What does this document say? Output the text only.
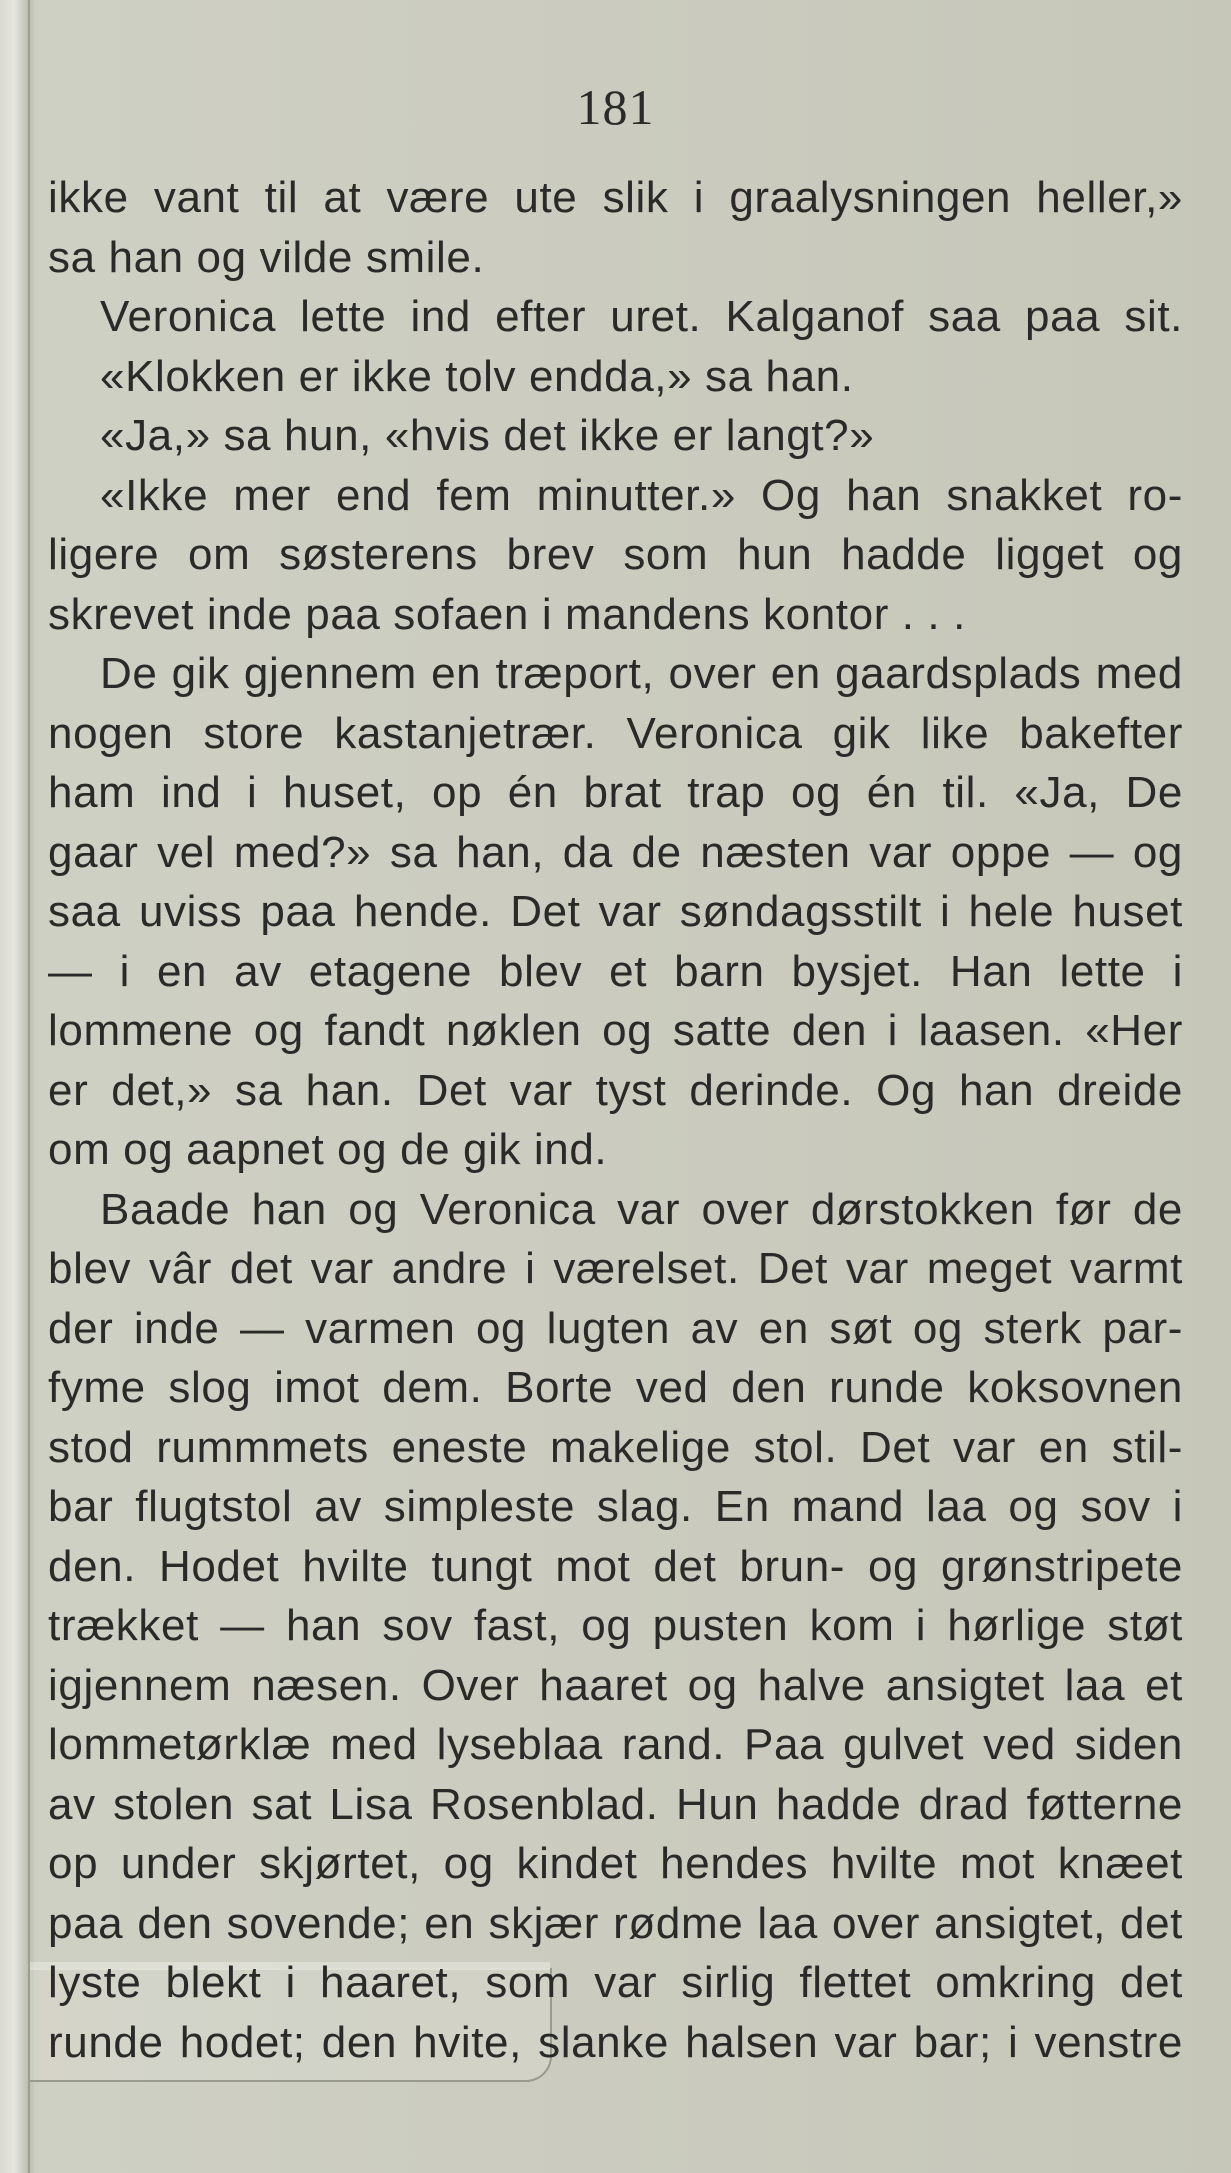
181
ikke vant til at være ute slik i graalysningen heller,»
sa han og vilde smile.
Veronica lette ind efter uret. Kalganof saa paa sit.
«Klokken er ikke tolv endda,» sa han.
«Ja,» sa hun, «hvis det ikke er langt?»
«Ikke mer end fem minutter.» Og han snakket ro-
ligere om søsterens brev som hun hadde ligget og
skrevet inde paa sofaen i mandens kontor . . .
De gik gjennem en træport, over en gaardsplads med
nogen store kastanjetrær. Veronica gik like bakefter
ham ind i huset, op én brat trap og én til. «Ja, De
gaar vel med?» sa han, da de næsten var oppe — og
saa uviss paa hende. Det var søndagsstilt i hele huset
— i en av etagene blev et barn bysjet. Han lette i
lommene og fandt nøklen og satte den i laasen. «Her
er det,» sa han. Det var tyst derinde. Og han dreide
om og aapnet og de gik ind.
Baade han og Veronica var over dørstokken før de
blev vâr det var andre i værelset. Det var meget varmt
der inde — varmen og lugten av en søt og sterk par-
fyme slog imot dem. Borte ved den runde koksovnen
stod rummmets eneste makelige stol. Det var en stil-
bar flugtstol av simpleste slag. En mand laa og sov i
den. Hodet hvilte tungt mot det brun- og grønstripete
trækket — han sov fast, og pusten kom i hørlige støt
igjennem næsen. Over haaret og halve ansigtet laa et
lommetørklæ med lyseblaa rand. Paa gulvet ved siden
av stolen sat Lisa Rosenblad. Hun hadde drad føtterne
op under skjørtet, og kindet hendes hvilte mot knæet
paa den sovende; en skjær rødme laa over ansigtet, det
lyste blekt i haaret, som var sirlig flettet omkring det
runde hodet; den hvite, slanke halsen var bar; i venstre
